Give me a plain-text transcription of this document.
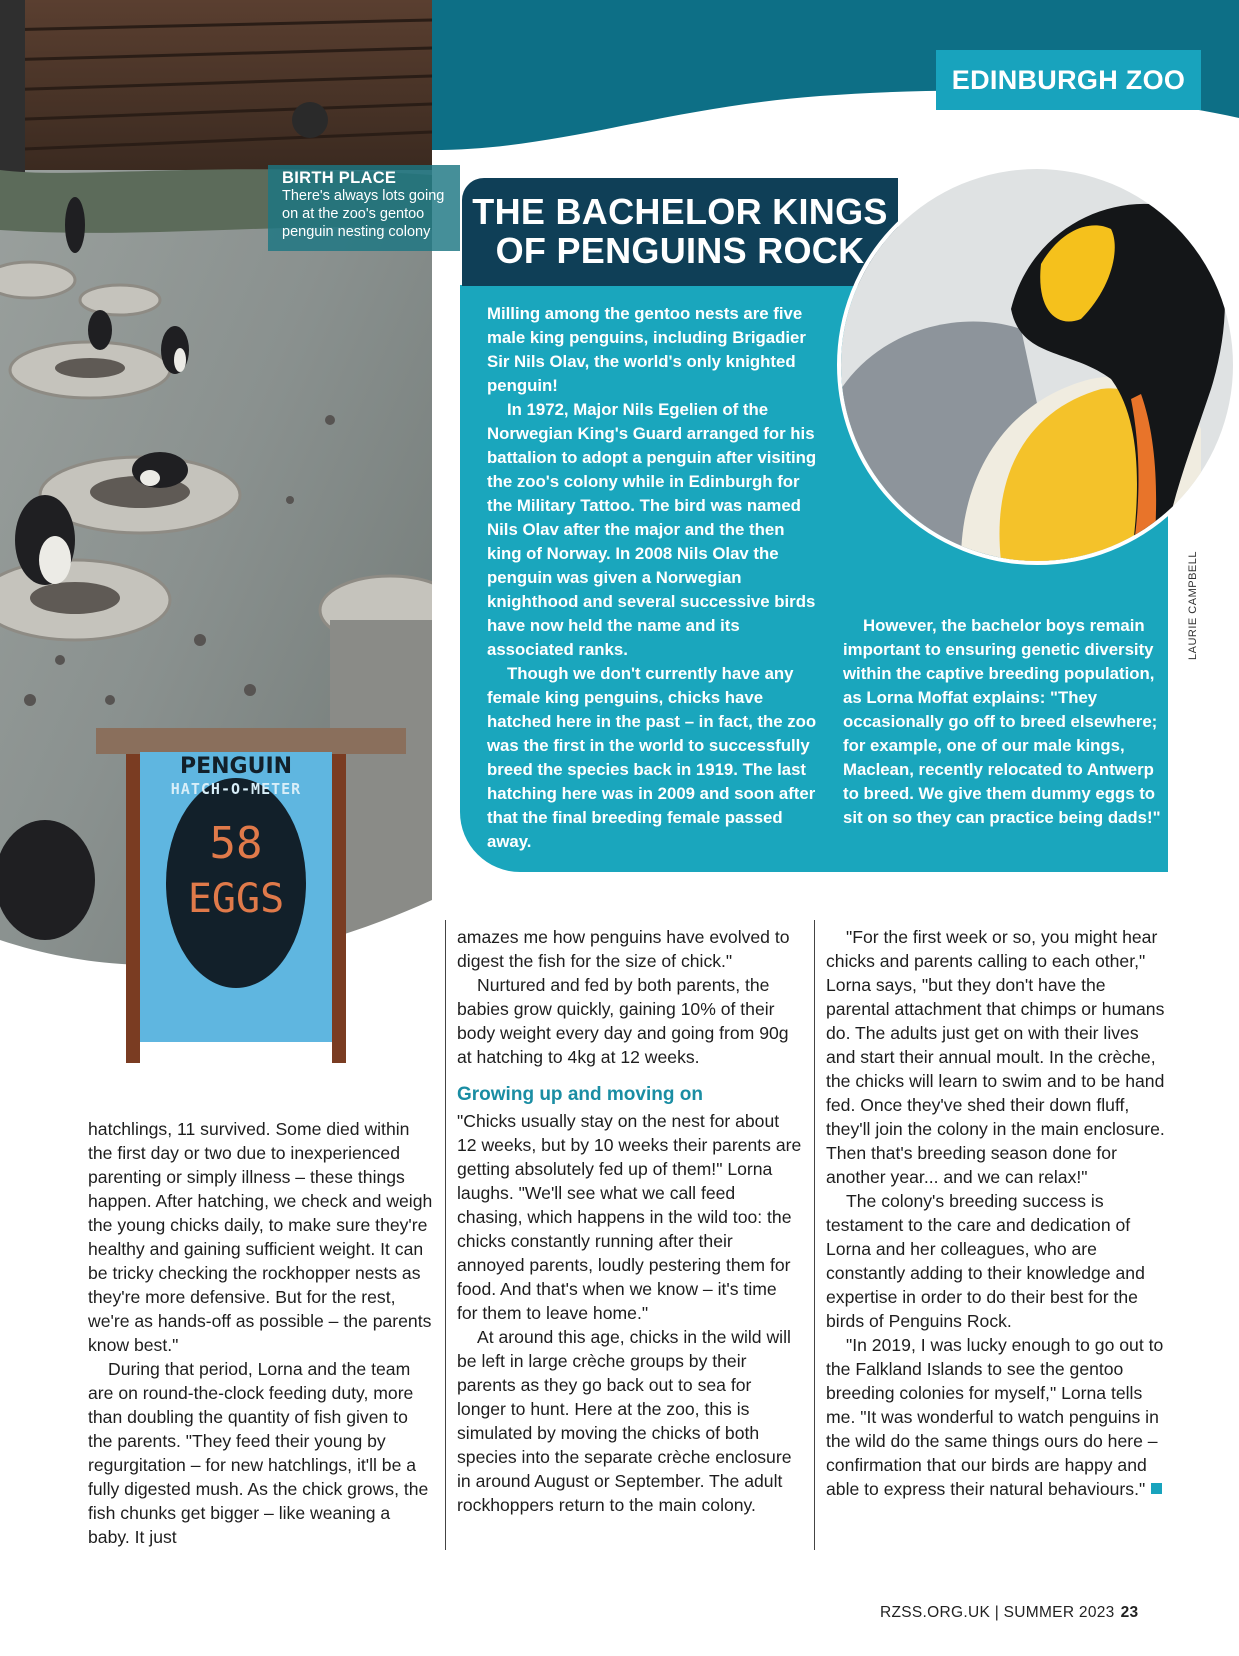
EDINBURGH ZOO
BIRTH PLACE
There's always lots going on at the zoo's gentoo penguin nesting colony
PENGUIN
HATCH-O-METER
58
EGGS
THE BACHELOR KINGS
OF PENGUINS ROCK
LAURIE CAMPBELL

Milling among the gentoo nests are five male king penguins, including Brigadier Sir Nils Olav, the world's only knighted penguin!

In 1972, Major Nils Egelien of the Norwegian King's Guard arranged for his battalion to adopt a penguin after visiting the zoo's colony while in Edinburgh for the Military Tattoo. The bird was named Nils Olav after the major and the then king of Norway. In 2008 Nils Olav the penguin was given a Norwegian knighthood and several successive birds have now held the name and its associated ranks.

Though we don't currently have any female king penguins, chicks have hatched here in the past – in fact, the zoo was the first in the world to successfully breed the species back in 1919. The last hatching here was in 2009 and soon after that the final breeding female passed away.

However, the bachelor boys remain important to ensuring genetic diversity within the captive breeding population, as Lorna Moffat explains: "They occasionally go off to breed elsewhere; for example, one of our male kings, Maclean, recently relocated to Antwerp to breed. We give them dummy eggs to sit on so they can practice being dads!"

hatchlings, 11 survived. Some died within the first day or two due to inexperienced parenting or simply illness – these things happen. After hatching, we check and weigh the young chicks daily, to make sure they're healthy and gaining sufficient weight. It can be tricky checking the rockhopper nests as they're more defensive. But for the rest, we're as hands-off as possible – the parents know best."

During that period, Lorna and the team are on round-the-clock feeding duty, more than doubling the quantity of fish given to the parents. "They feed their young by regurgitation – for new hatchlings, it'll be a fully digested mush. As the chick grows, the fish chunks get bigger – like weaning a baby. It just

amazes me how penguins have evolved to digest the fish for the size of chick."

Nurtured and fed by both parents, the babies grow quickly, gaining 10% of their body weight every day and going from 90g at hatching to 4kg at 12 weeks.

Growing up and moving on

"Chicks usually stay on the nest for about 12 weeks, but by 10 weeks their parents are getting absolutely fed up of them!" Lorna laughs. "We'll see what we call feed chasing, which happens in the wild too: the chicks constantly running after their annoyed parents, loudly pestering them for food. And that's when we know – it's time for them to leave home."

At around this age, chicks in the wild will be left in large crèche groups by their parents as they go back out to sea for longer to hunt. Here at the zoo, this is simulated by moving the chicks of both species into the separate crèche enclosure in around August or September. The adult rockhoppers return to the main colony.

"For the first week or so, you might hear chicks and parents calling to each other," Lorna says, "but they don't have the parental attachment that chimps or humans do. The adults just get on with their lives and start their annual moult. In the crèche, the chicks will learn to swim and to be hand fed. Once they've shed their down fluff, they'll join the colony in the main enclosure. Then that's breeding season done for another year... and we can relax!"

The colony's breeding success is testament to the care and dedication of Lorna and her colleagues, who are constantly adding to their knowledge and expertise in order to do their best for the birds of Penguins Rock.

"In 2019, I was lucky enough to go out to the Falkland Islands to see the gentoo breeding colonies for myself," Lorna tells me. "It was wonderful to watch penguins in the wild do the same things ours do here – confirmation that our birds are happy and able to express their natural behaviours."

RZSS.ORG.UK | SUMMER 2023 23
